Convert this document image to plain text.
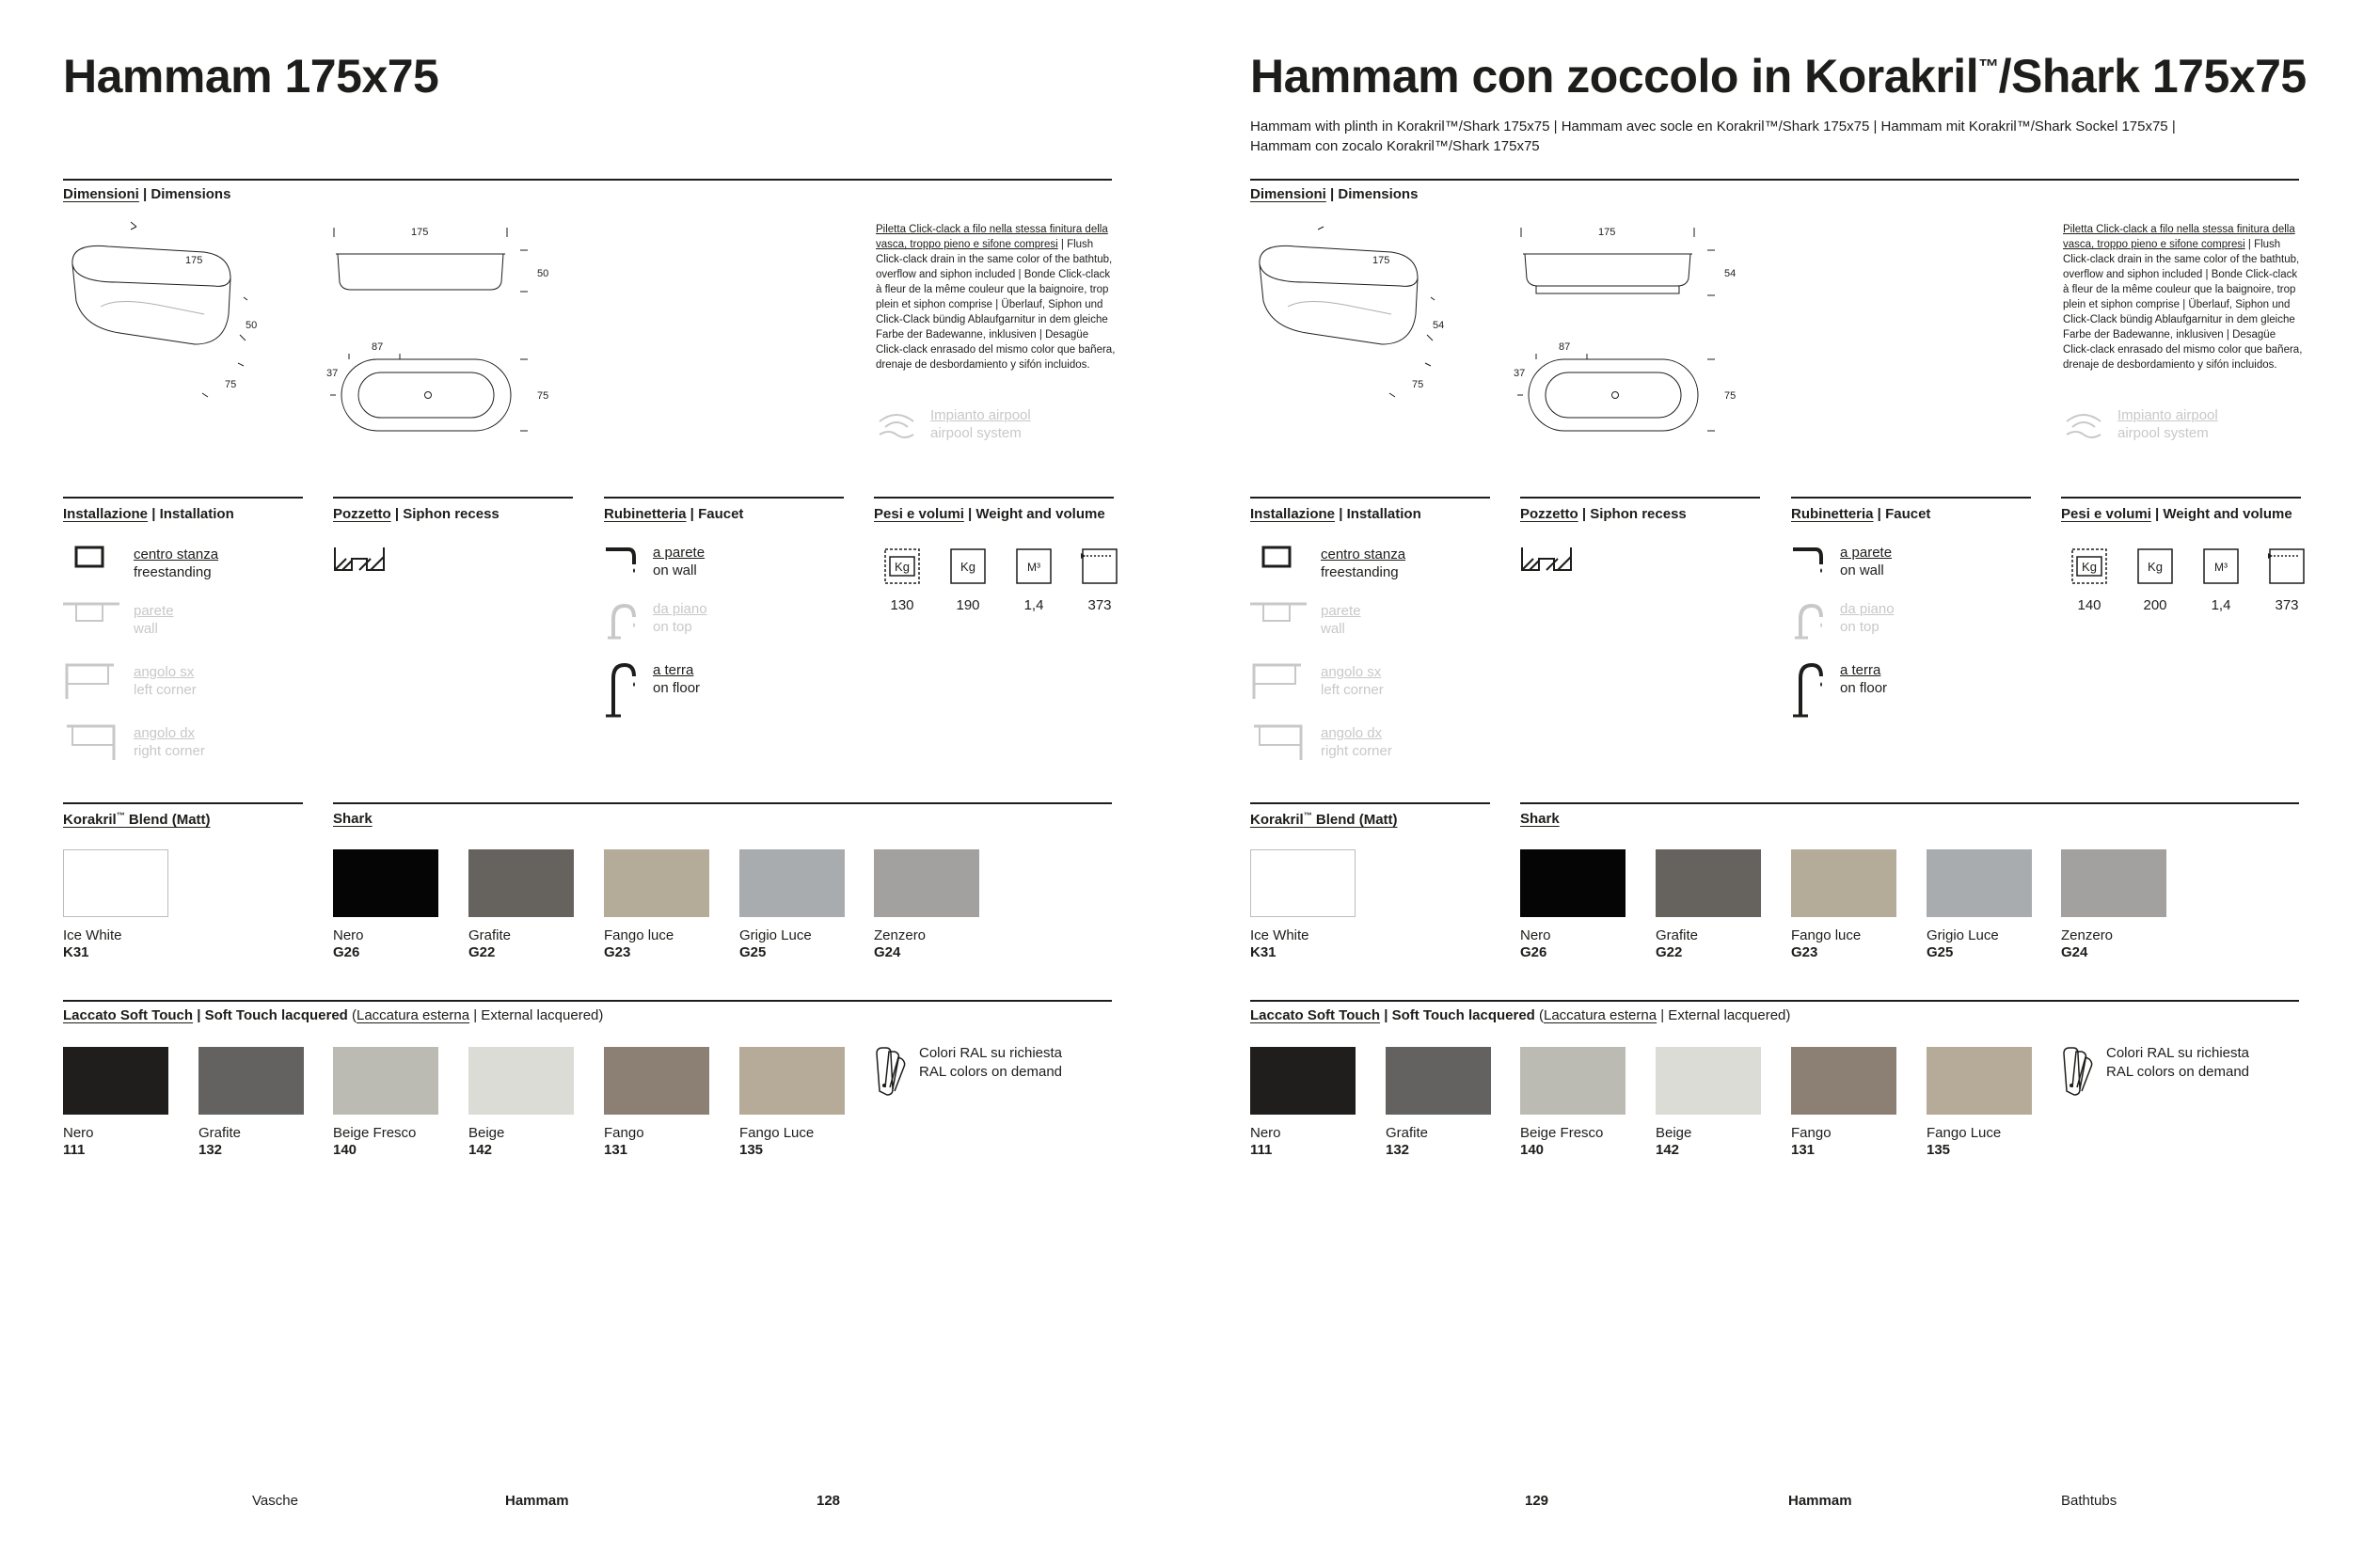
Hammam 175x75
Dimensioni | Dimensions
175
50
75
175
50
87
37
75
Piletta Click-clack a filo nella stessa finitura della vasca, troppo pieno e sifone compresi | Flush Click-clack drain in the same color of the bathtub, overflow and siphon included | Bonde Click-clack à fleur de la même couleur que la baignoire, trop plein et siphon comprise | Überlauf, Siphon und Click-Clack bündig Ablaufgarnitur in dem gleiche Farbe der Badewanne, inklusiven | Desagüe Click-clack enrasado del mismo color que bañera, drenaje de desbordamiento y sifón incluidos.
Impianto airpool
airpool system
Installazione | Installation	Pozzetto | Siphon recess	Rubinetteria | Faucet	Pesi e volumi | Weight and volume
centro stanza
freestanding
parete
wall
angolo sx
left corner
angolo dx
right corner
a parete
on wall
da piano
on top
a terra
on floor
Kg
130
Kg
190
M³
1,4	373
Korakril™ Blend (Matt)	Shark
Ice White
K31
Nero
G26
Grafite
G22
Fango luce
G23
Grigio Luce
G25
Zenzero
G24
Laccato Soft Touch | Soft Touch lacquered (Laccatura esterna | External lacquered)
Nero
111
Grafite
132
Beige Fresco
140
Beige
142
Fango
131
Fango Luce
135
Colori RAL su richiesta
RAL colors on demand
Vasche	Hammam	128
Hammam con zoccolo in Korakril™/Shark 175x75
Hammam with plinth in Korakril™/Shark 175x75 | Hammam avec socle en Korakril™/Shark 175x75 | Hammam mit Korakril™/Shark Sockel 175x75 | Hammam con zocalo Korakril™/Shark 175x75
Dimensioni | Dimensions
175
54
75
175
54
87
37
75
Piletta Click-clack a filo nella stessa finitura della vasca, troppo pieno e sifone compresi | Flush Click-clack drain in the same color of the bathtub, overflow and siphon included | Bonde Click-clack à fleur de la même couleur que la baignoire, trop plein et siphon comprise | Überlauf, Siphon und Click-Clack bündig Ablaufgarnitur in dem gleiche Farbe der Badewanne, inklusiven | Desagüe Click-clack enrasado del mismo color que bañera, drenaje de desbordamiento y sifón incluidos.
Impianto airpool
airpool system
Installazione | Installation	Pozzetto | Siphon recess	Rubinetteria | Faucet	Pesi e volumi | Weight and volume
centro stanza
freestanding
parete
wall
angolo sx
left corner
angolo dx
right corner
a parete
on wall
da piano
on top
a terra
on floor
Kg
140
Kg
200
M³
1,4	373
Korakril™ Blend (Matt)	Shark
Ice White
K31
Nero
G26
Grafite
G22
Fango luce
G23
Grigio Luce
G25
Zenzero
G24
Laccato Soft Touch | Soft Touch lacquered (Laccatura esterna | External lacquered)
Nero
111
Grafite
132
Beige Fresco
140
Beige
142
Fango
131
Fango Luce
135
Colori RAL su richiesta
RAL colors on demand
129	Hammam	Bathtubs
